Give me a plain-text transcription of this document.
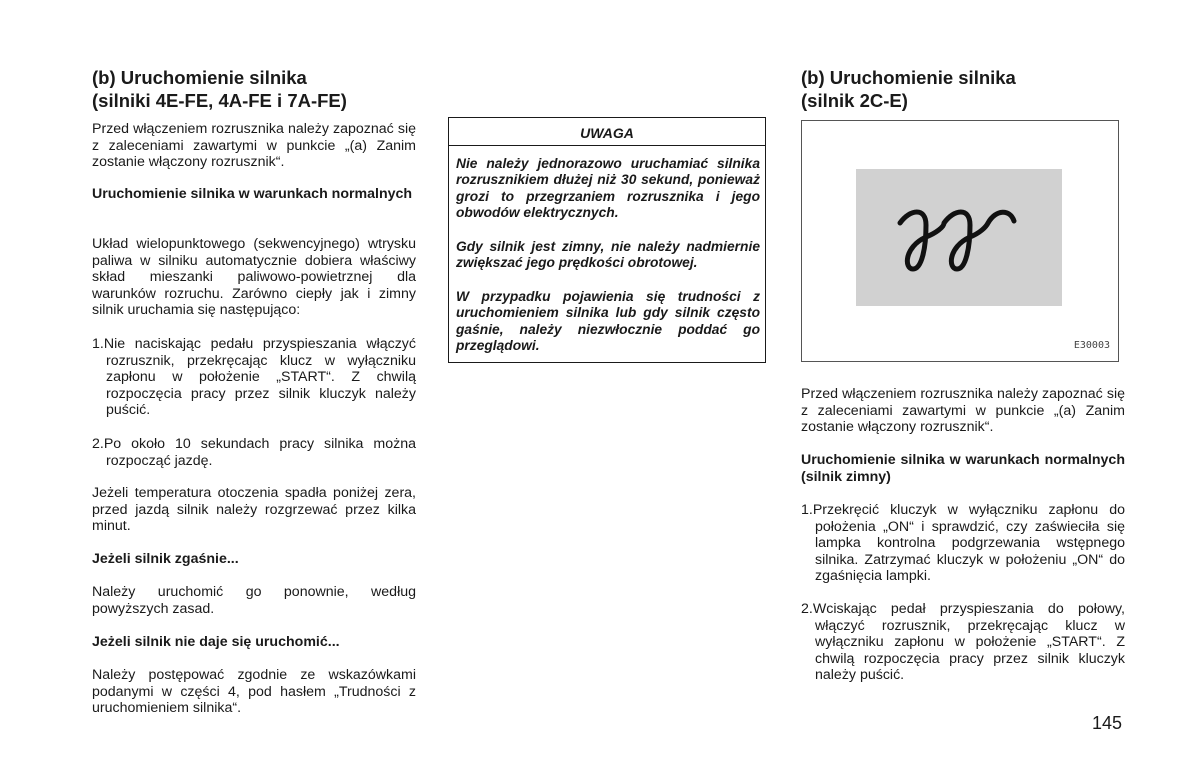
(b) Uruchomienie silnika
(silniki 4E-FE, 4A-FE i 7A-FE)

Przed włączeniem rozrusznika należy zapoznać się z zaleceniami zawartymi w punkcie „(a) Zanim zostanie włączony rozrusznik“.

Uruchomienie silnika w warunkach normalnych

Układ wielopunktowego (sekwencyjnego) wtrysku paliwa w silniku automatycznie dobiera właściwy skład mieszanki paliwowo-powietrznej dla warunków rozruchu. Zarówno ciepły jak i zimny silnik uruchamia się następująco:

1.Nie naciskając pedału przyspieszania włączyć rozrusznik, przekręcając klucz w wyłączniku zapłonu w położenie „START“. Z chwilą rozpoczęcia pracy przez silnik kluczyk należy puścić.
2.Po około 10 sekundach pracy silnika można rozpocząć jazdę.

Jeżeli temperatura otoczenia spadła poniżej zera, przed jazdą silnik należy rozgrzewać przez kilka minut.

Jeżeli silnik zgaśnie...

Należy uruchomić go ponownie, według powyższych zasad.

Jeżeli silnik nie daje się uruchomić...

Należy postępować zgodnie ze wskazówkami podanymi w części 4, pod hasłem „Trudności z uruchomieniem silnika“.

UWAGA

Nie należy jednorazowo uruchamiać silnika rozrusznikiem dłużej niż 30 sekund, ponieważ grozi to przegrzaniem rozrusznika i jego obwodów elektrycznych.

Gdy silnik jest zimny, nie należy nadmiernie zwiększać jego prędkości obrotowej.

W przypadku pojawienia się trudności z uruchomieniem silnika lub gdy silnik często gaśnie, należy niezwłocznie poddać go przeglądowi.

(b) Uruchomienie silnika
(silnik 2C-E)
E30003

Przed włączeniem rozrusznika należy zapoznać się z zaleceniami zawartymi w punkcie „(a) Zanim zostanie włączony rozrusznik“.

Uruchomienie silnika w warunkach normalnych (silnik zimny)

1.Przekręcić kluczyk w wyłączniku zapłonu do położenia „ON“ i sprawdzić, czy zaświeciła się lampka kontrolna podgrzewania wstępnego silnika. Zatrzymać kluczyk w położeniu „ON“ do zgaśnięcia lampki.
2.Wciskając pedał przyspieszania do połowy, włączyć rozrusznik, przekręcając klucz w wyłączniku zapłonu w położenie „START“. Z chwilą rozpoczęcia pracy przez silnik kluczyk należy puścić.
145
